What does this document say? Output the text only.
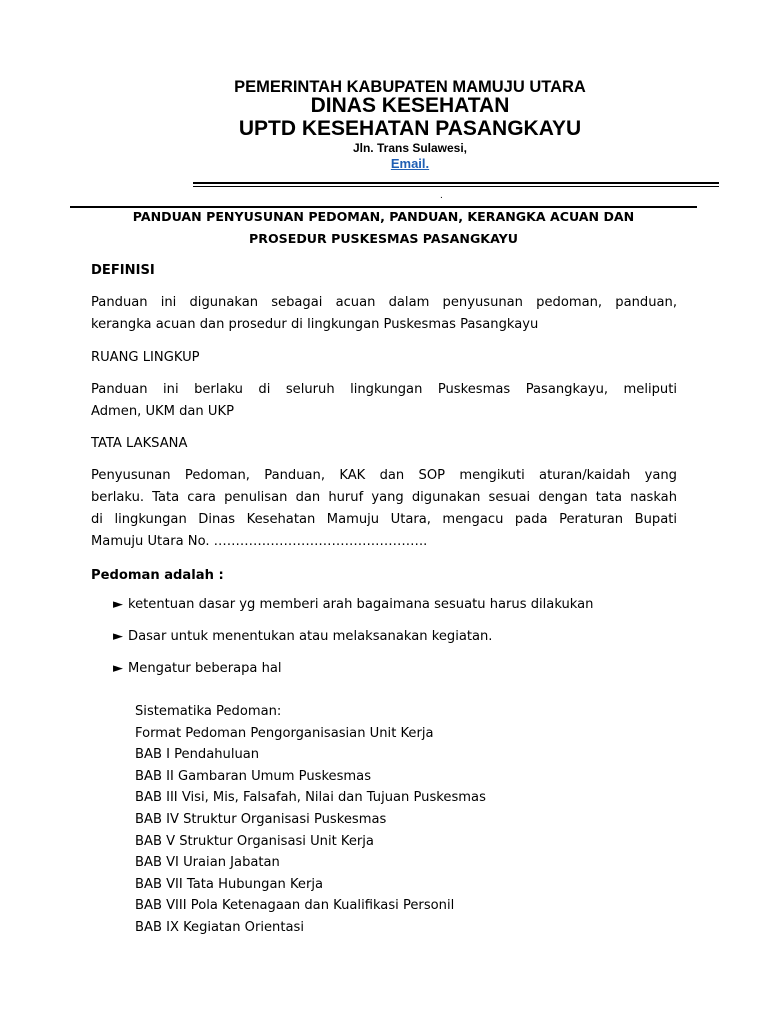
PEMERINTAH KABUPATEN MAMUJU UTARA
DINAS KESEHATAN
UPTD KESEHATAN PASANGKAYU
Jln. Trans Sulawesi,
Email.
.
PANDUAN PENYUSUNAN PEDOMAN, PANDUAN, KERANGKA ACUAN DAN
PROSEDUR PUSKESMAS PASANGKAYU
DEFINISI
Panduan ini digunakan sebagai acuan dalam penyusunan pedoman, panduan,
kerangka acuan dan prosedur di lingkungan Puskesmas Pasangkayu
RUANG LINGKUP
Panduan ini berlaku di seluruh lingkungan Puskesmas Pasangkayu, meliputi
Admen, UKM dan UKP
TATA LAKSANA
Penyusunan Pedoman, Panduan, KAK dan SOP mengikuti aturan/kaidah yang
berlaku. Tata cara penulisan dan huruf yang digunakan sesuai dengan tata naskah
di lingkungan Dinas Kesehatan Mamuju Utara, mengacu pada Peraturan Bupati
Mamuju Utara No. ………………………………………….
Pedoman adalah :
► ketentuan dasar yg memberi arah bagaimana sesuatu harus dilakukan
► Dasar untuk menentukan atau melaksanakan kegiatan.
► Mengatur beberapa hal
Sistematika Pedoman:
Format Pedoman Pengorganisasian Unit Kerja
BAB I Pendahuluan
BAB II Gambaran Umum Puskesmas
BAB III Visi, Mis, Falsafah, Nilai dan Tujuan Puskesmas
BAB IV Struktur Organisasi Puskesmas
BAB V Struktur Organisasi Unit Kerja
BAB VI Uraian Jabatan
BAB VII Tata Hubungan Kerja
BAB VIII Pola Ketenagaan dan Kualifikasi Personil
BAB IX Kegiatan Orientasi
